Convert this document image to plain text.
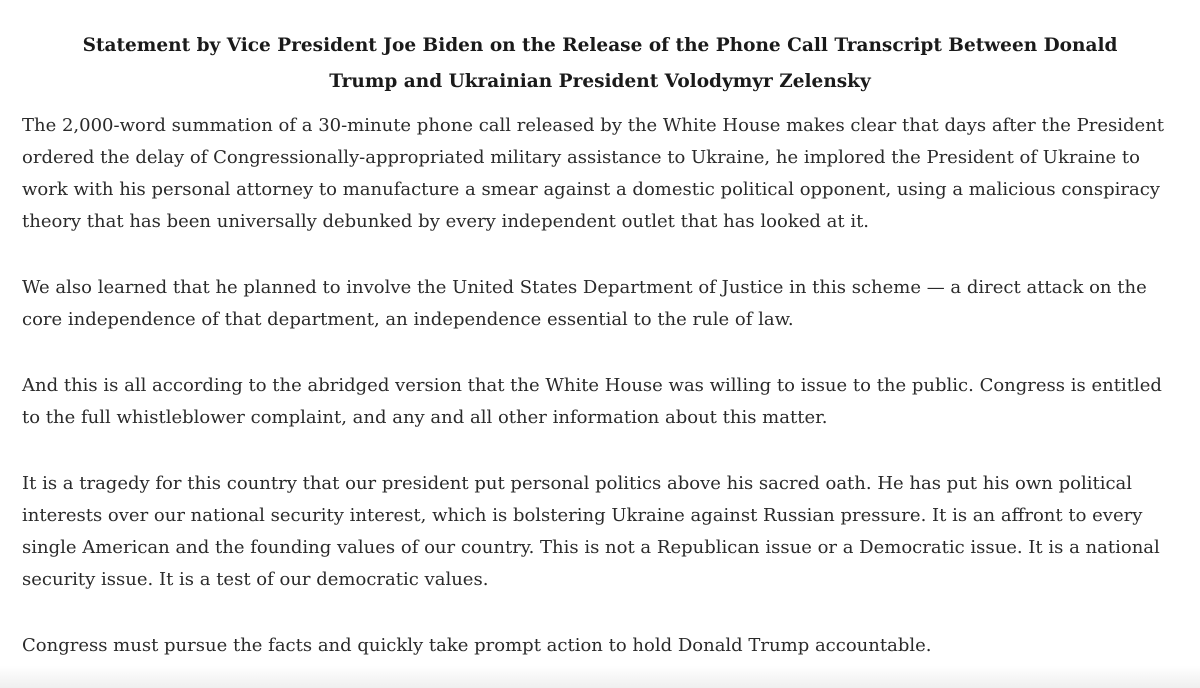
Statement by Vice President Joe Biden on the Release of the Phone Call Transcript Between Donald Trump and Ukrainian President Volodymyr Zelensky

The 2,000-word summation of a 30-minute phone call released by the White House makes clear that days after the President ordered the delay of Congressionally-appropriated military assistance to Ukraine, he implored the President of Ukraine to work with his personal attorney to manufacture a smear against a domestic political opponent, using a malicious conspiracy theory that has been universally debunked by every independent outlet that has looked at it.

We also learned that he planned to involve the United States Department of Justice in this scheme — a direct attack on the core independence of that department, an independence essential to the rule of law.

And this is all according to the abridged version that the White House was willing to issue to the public. Congress is entitled to the full whistleblower complaint, and any and all other information about this matter.

It is a tragedy for this country that our president put personal politics above his sacred oath. He has put his own political interests over our national security interest, which is bolstering Ukraine against Russian pressure. It is an affront to every single American and the founding values of our country. This is not a Republican issue or a Democratic issue. It is a national security issue. It is a test of our democratic values.

Congress must pursue the facts and quickly take prompt action to hold Donald Trump accountable.
